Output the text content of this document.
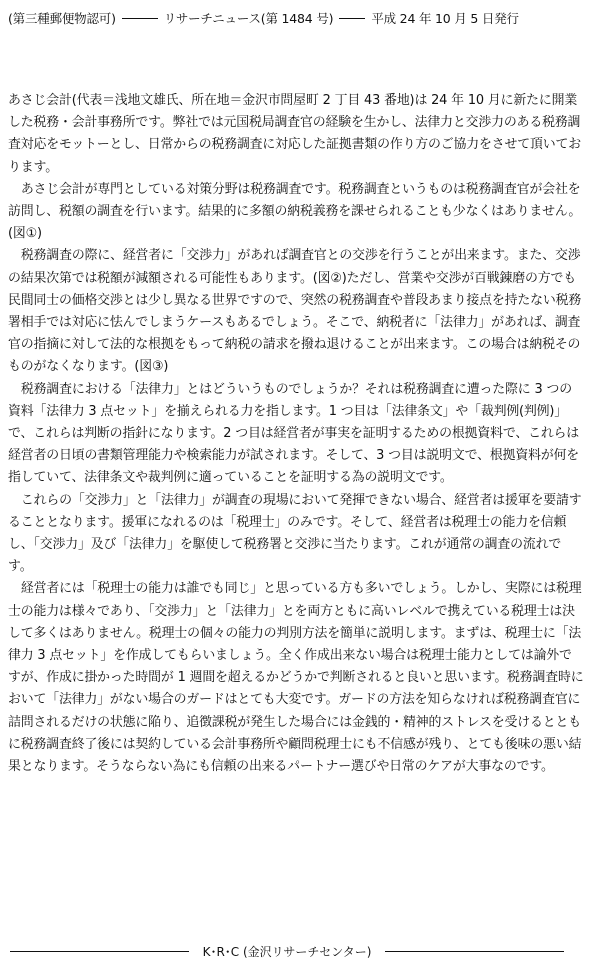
(第三種郵便物認可)	リサーチニュース(第 1484 号)	平成 24 年 10 月 5 日発行

あさじ会計(代表＝浅地文雄氏、所在地＝金沢市問屋町 2 丁目 43 番地)は 24 年 10 月に新たに開業した税務・会計事務所です。弊社では元国税局調査官の経験を生かし、法律力と交渉力のある税務調査対応をモットーとし、日常からの税務調査に対応した証拠書類の作り方のご協力をさせて頂いております。

あさじ会計が専門としている対策分野は税務調査です。税務調査というものは税務調査官が会社を訪問し、税額の調査を行います。結果的に多額の納税義務を課せられることも少なくはありません。(図①)

税務調査の際に、経営者に「交渉力」があれば調査官との交渉を行うことが出来ます。また、交渉の結果次第では税額が減額される可能性もあります。(図②)ただし、営業や交渉が百戦錬磨の方でも民間同士の価格交渉とは少し異なる世界ですので、突然の税務調査や普段あまり接点を持たない税務署相手では対応に怯んでしまうケースもあるでしょう。そこで、納税者に「法律力」があれば、調査官の指摘に対して法的な根拠をもって納税の請求を撥ね退けることが出来ます。この場合は納税そのものがなくなります。(図③)

税務調査における「法律力」とはどういうものでしょうか？それは税務調査に遭った際に 3 つの資料「法律力 3 点セット」を揃えられる力を指します。1 つ目は「法律条文」や「裁判例(判例)」で、これらは判断の指針になります。2 つ目は経営者が事実を証明するための根拠資料で、これらは経営者の日頃の書類管理能力や検索能力が試されます。そして、3 つ目は説明文で、根拠資料が何を指していて、法律条文や裁判例に適っていることを証明する為の説明文です。

これらの「交渉力」と「法律力」が調査の現場において発揮できない場合、経営者は援軍を要請することとなります。援軍になれるのは「税理士」のみです。そして、経営者は税理士の能力を信頼し、「交渉力」及び「法律力」を駆使して税務署と交渉に当たります。これが通常の調査の流れです。

経営者には「税理士の能力は誰でも同じ」と思っている方も多いでしょう。しかし、実際には税理士の能力は様々であり、「交渉力」と「法律力」とを両方ともに高いレベルで携えている税理士は決して多くはありません。税理士の個々の能力の判別方法を簡単に説明します。まずは、税理士に「法律力 3 点セット」を作成してもらいましょう。全く作成出来ない場合は税理士能力としては論外ですが、作成に掛かった時間が 1 週間を超えるかどうかで判断されると良いと思います。税務調査時において「法律力」がない場合のガードはとても大変です。ガードの方法を知らなければ税務調査官に詰問されるだけの状態に陥り、追徴課税が発生した場合には金銭的・精神的ストレスを受けるとともに税務調査終了後には契約している会計事務所や顧問税理士にも不信感が残り、とても後味の悪い結果となります。そうならない為にも信頼の出来るパートナー選びや日常のケアが大事なのです。

K･R･C (金沢リサーチセンター)
